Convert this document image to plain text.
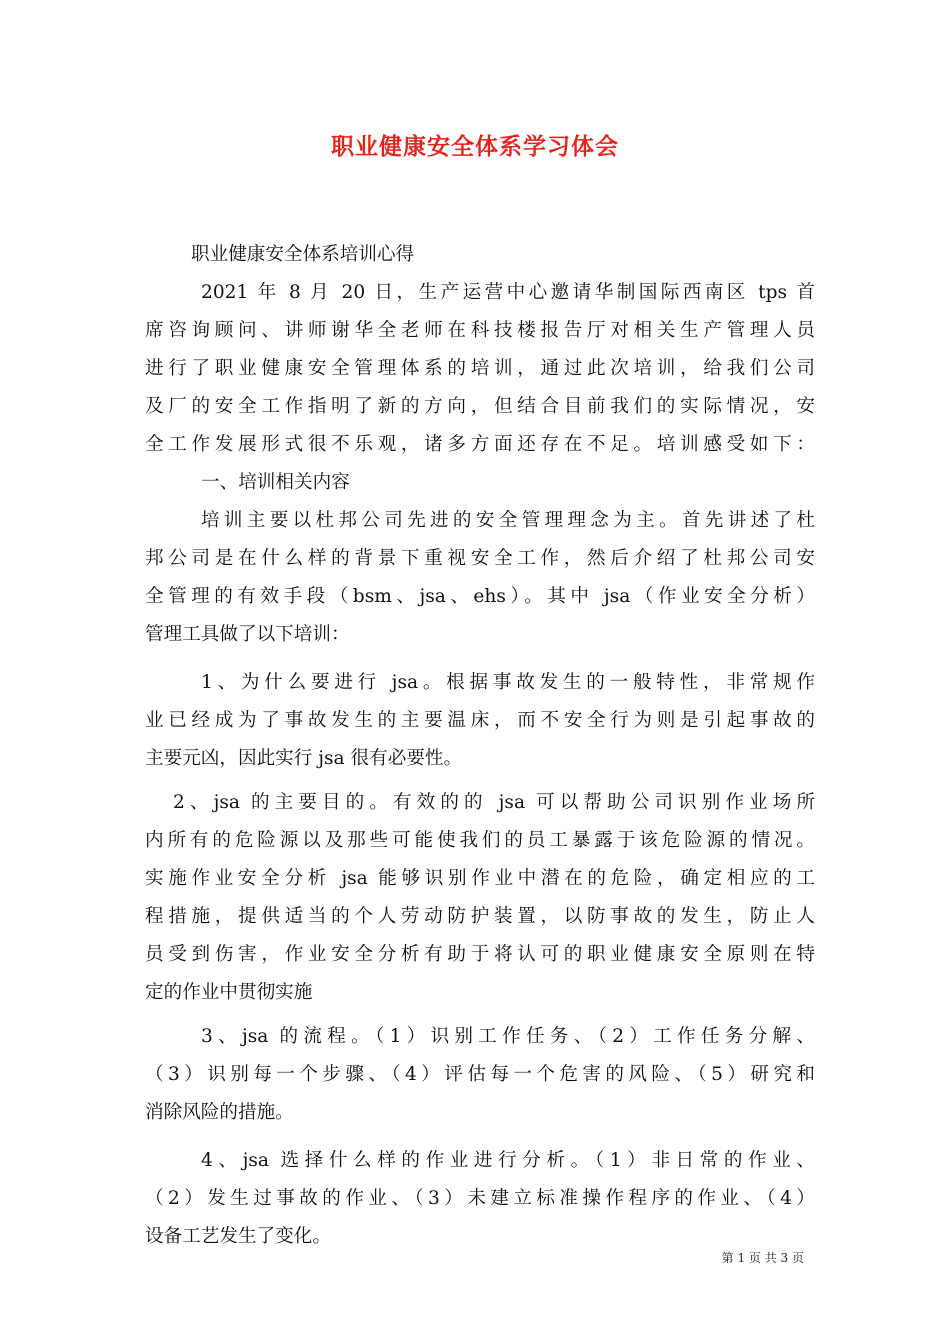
职业健康安全体系学习体会
职业健康安全体系培训心得
2021 年 8 月 20 日，生产运营中心邀请华制国际西南区 tps 首
席咨询顾问、讲师谢华全老师在科技楼报告厅对相关生产管理人员
进行了职业健康安全管理体系的培训，通过此次培训，给我们公司
及厂的安全工作指明了新的方向，但结合目前我们的实际情况，安
全工作发展形式很不乐观，诸多方面还存在不足。培训感受如下：
一、培训相关内容
培训主要以杜邦公司先进的安全管理理念为主。首先讲述了杜
邦公司是在什么样的背景下重视安全工作，然后介绍了杜邦公司安
全管理的有效手段（bsm、jsa、ehs）。其中 jsa（作业安全分析）
管理工具做了以下培训：
1、为什么要进行 jsa。根据事故发生的一般特性，非常规作
业已经成为了事故发生的主要温床，而不安全行为则是引起事故的
主要元凶，因此实行 jsa 很有必要性。
2、jsa 的主要目的。有效的的 jsa 可以帮助公司识别作业场所
内所有的危险源以及那些可能使我们的员工暴露于该危险源的情况。
实施作业安全分析 jsa 能够识别作业中潜在的危险，确定相应的工
程措施，提供适当的个人劳动防护装置，以防事故的发生，防止人
员受到伤害，作业安全分析有助于将认可的职业健康安全原则在特
定的作业中贯彻实施
3、jsa 的流程。（1）识别工作任务、（2）工作任务分解、
（3）识别每一个步骤、（4）评估每一个危害的风险、（5）研究和
消除风险的措施。
4、jsa 选择什么样的作业进行分析。（1）非日常的作业、
（2）发生过事故的作业、（3）未建立标准操作程序的作业、（4）
设备工艺发生了变化。
第 1 页 共 3 页
